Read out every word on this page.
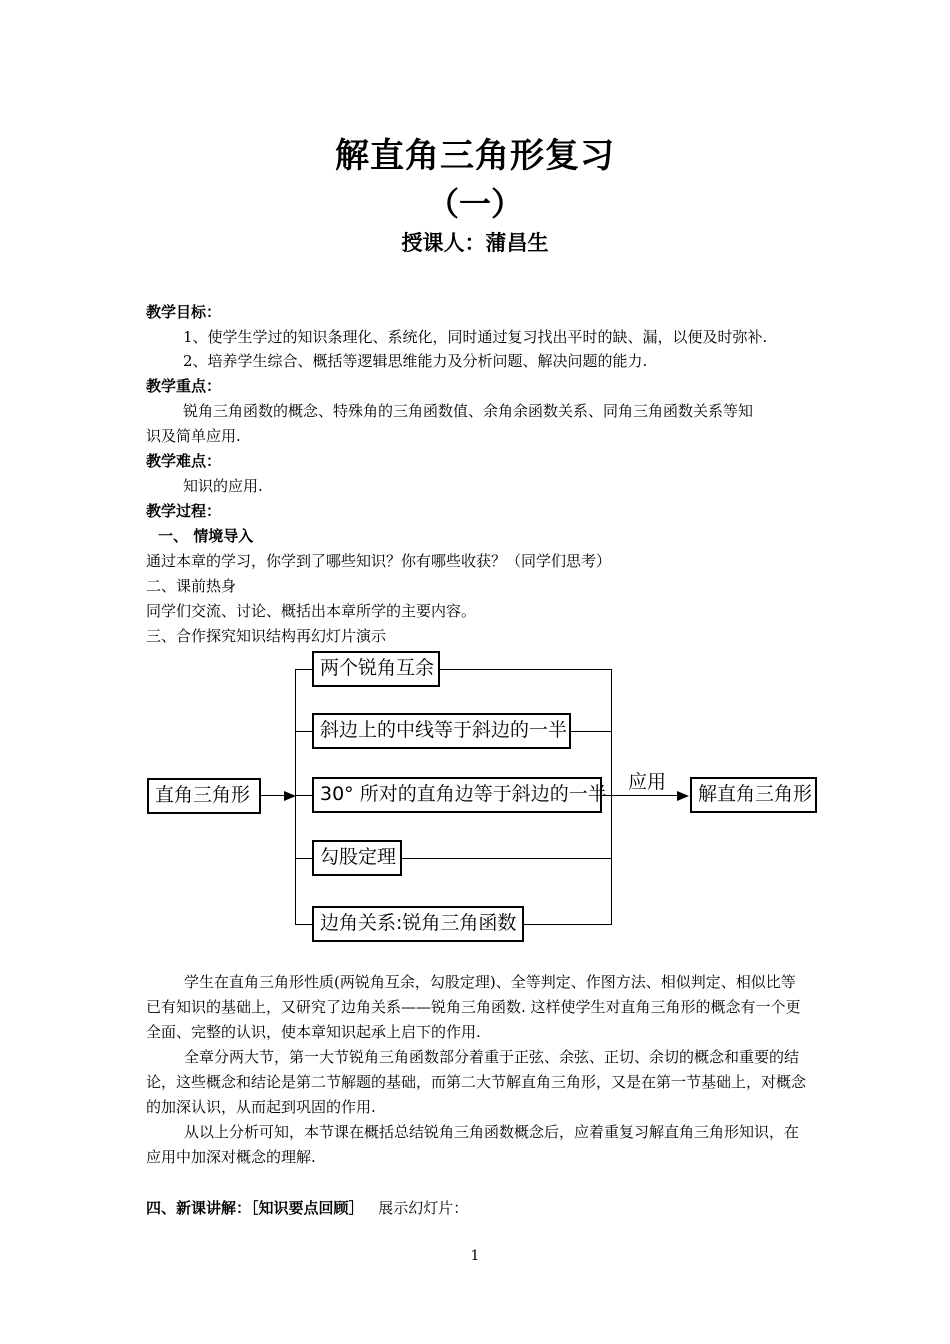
解直角三角形复习
（一）
授课人：蒲昌生
教学目标：
1、使学生学过的知识条理化、系统化，同时通过复习找出平时的缺、漏，以便及时弥补.
2、培养学生综合、概括等逻辑思维能力及分析问题、解决问题的能力.
教学重点：
锐角三角函数的概念、特殊角的三角函数值、余角余函数关系、同角三角函数关系等知
识及简单应用.
教学难点：
知识的应用.
教学过程：
一、 情境导入
通过本章的学习，你学到了哪些知识？你有哪些收获？（同学们思考）
二、课前热身
同学们交流、讨论、概括出本章所学的主要内容。
三、合作探究知识结构再幻灯片演示
直角三角形
两个锐角互余
斜边上的中线等于斜边的一半
30° 所对的直角边等于斜边的一半
勾股定理
边角关系:锐角三角函数
应用
解直角三角形
学生在直角三角形性质(两锐角互余，勾股定理)、全等判定、作图方法、相似判定、相似比等已有知识的基础上，又研究了边角关系——锐角三角函数. 这样使学生对直角三角形的概念有一个更全面、完整的认识，使本章知识起承上启下的作用.
全章分两大节，第一大节锐角三角函数部分着重于正弦、余弦、正切、余切的概念和重要的结论，这些概念和结论是第二节解题的基础，而第二大节解直角三角形，又是在第一节基础上，对概念的加深认识，从而起到巩固的作用.
从以上分析可知，本节课在概括总结锐角三角函数概念后，应着重复习解直角三角形知识，在应用中加深对概念的理解.
四、新课讲解：［知识要点回顾］ 展示幻灯片：
1
